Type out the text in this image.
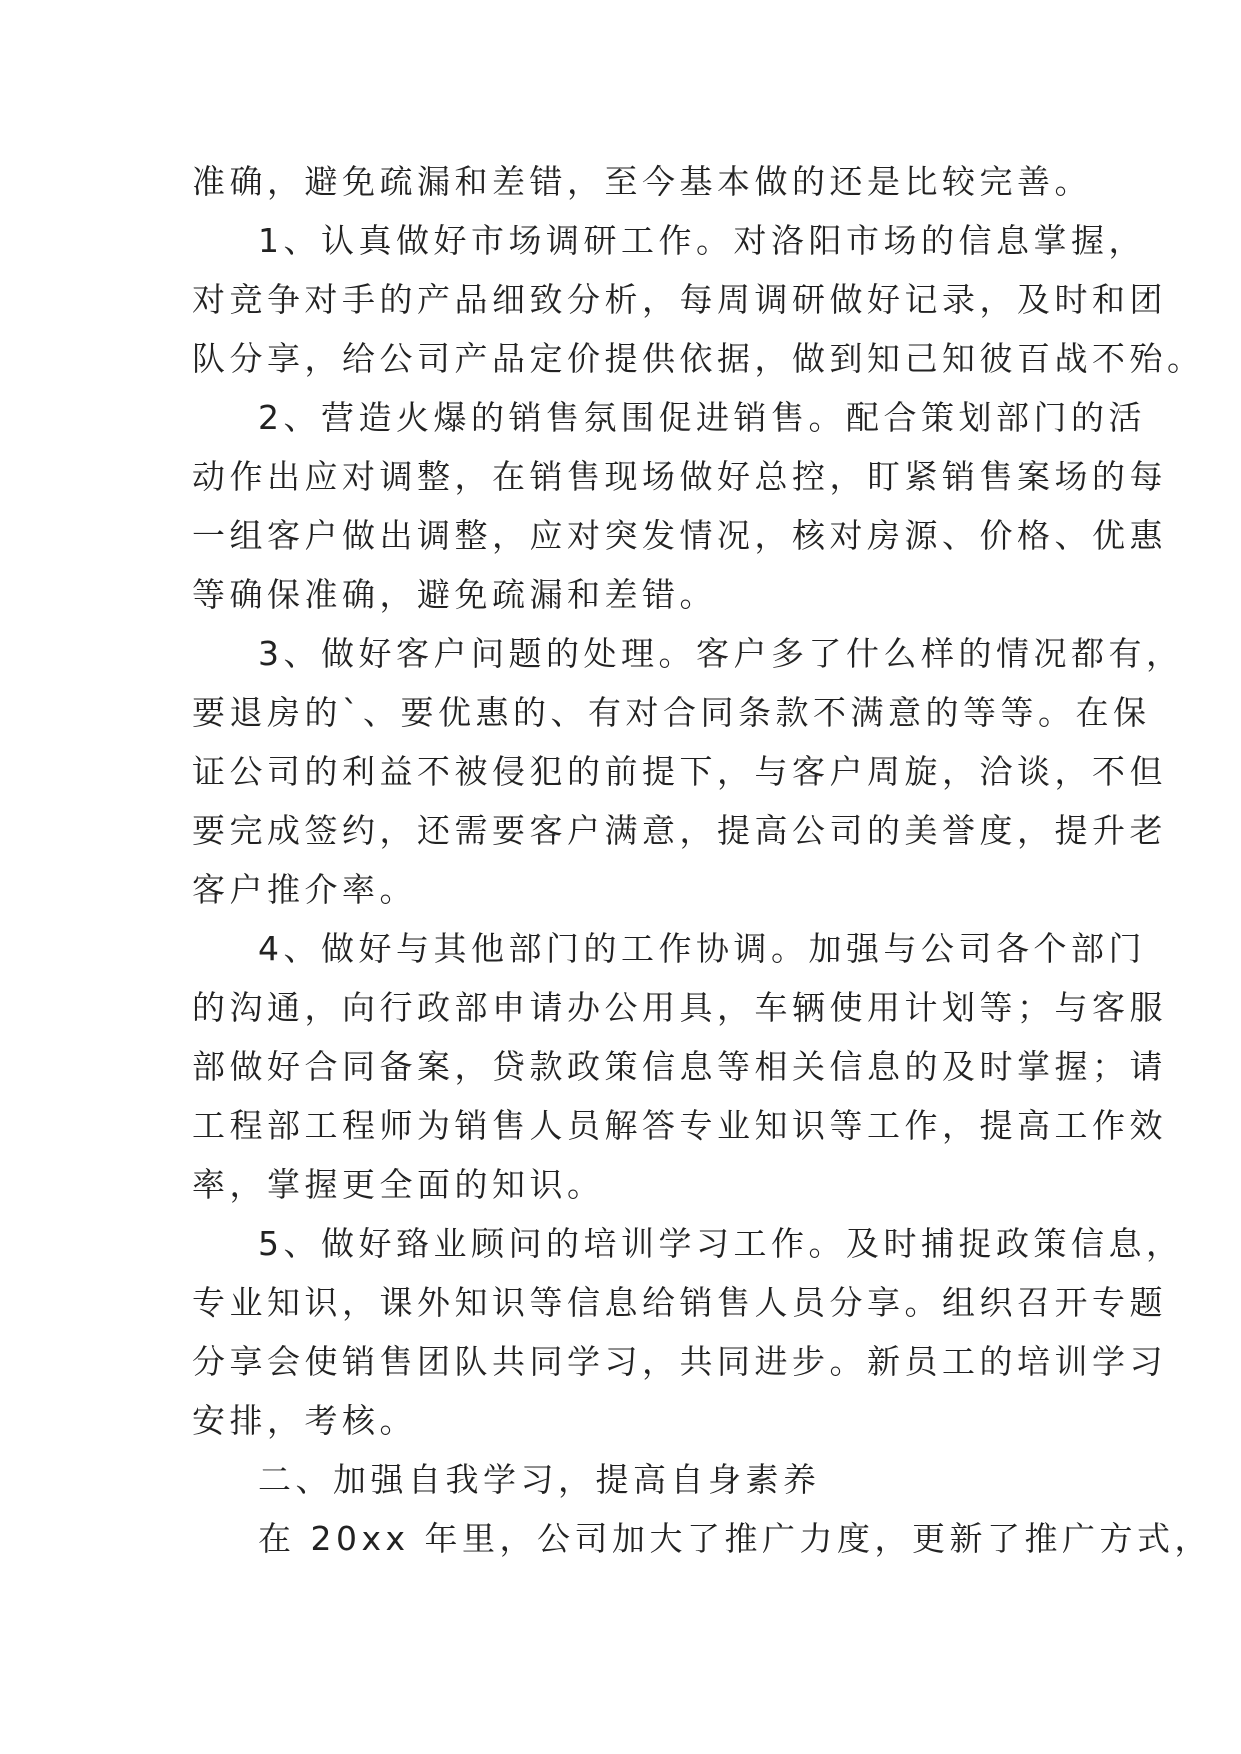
准确，避免疏漏和差错，至今基本做的还是比较完善。
1、认真做好市场调研工作。对洛阳市场的信息掌握，
对竞争对手的产品细致分析，每周调研做好记录，及时和团
队分享，给公司产品定价提供依据，做到知己知彼百战不殆。
2、营造火爆的销售氛围促进销售。配合策划部门的活
动作出应对调整，在销售现场做好总控，盯紧销售案场的每
一组客户做出调整，应对突发情况，核对房源、价格、优惠
等确保准确，避免疏漏和差错。
3、做好客户问题的处理。客户多了什么样的情况都有，
要退房的`、要优惠的、有对合同条款不满意的等等。在保
证公司的利益不被侵犯的前提下，与客户周旋，洽谈，不但
要完成签约，还需要客户满意，提高公司的美誉度，提升老
客户推介率。
4、做好与其他部门的工作协调。加强与公司各个部门
的沟通，向行政部申请办公用具，车辆使用计划等；与客服
部做好合同备案，贷款政策信息等相关信息的及时掌握；请
工程部工程师为销售人员解答专业知识等工作，提高工作效
率，掌握更全面的知识。
5、做好臵业顾问的培训学习工作。及时捕捉政策信息，
专业知识，课外知识等信息给销售人员分享。组织召开专题
分享会使销售团队共同学习，共同进步。新员工的培训学习
安排，考核。
二、加强自我学习，提高自身素养
在 20xx 年里，公司加大了推广力度，更新了推广方式，
